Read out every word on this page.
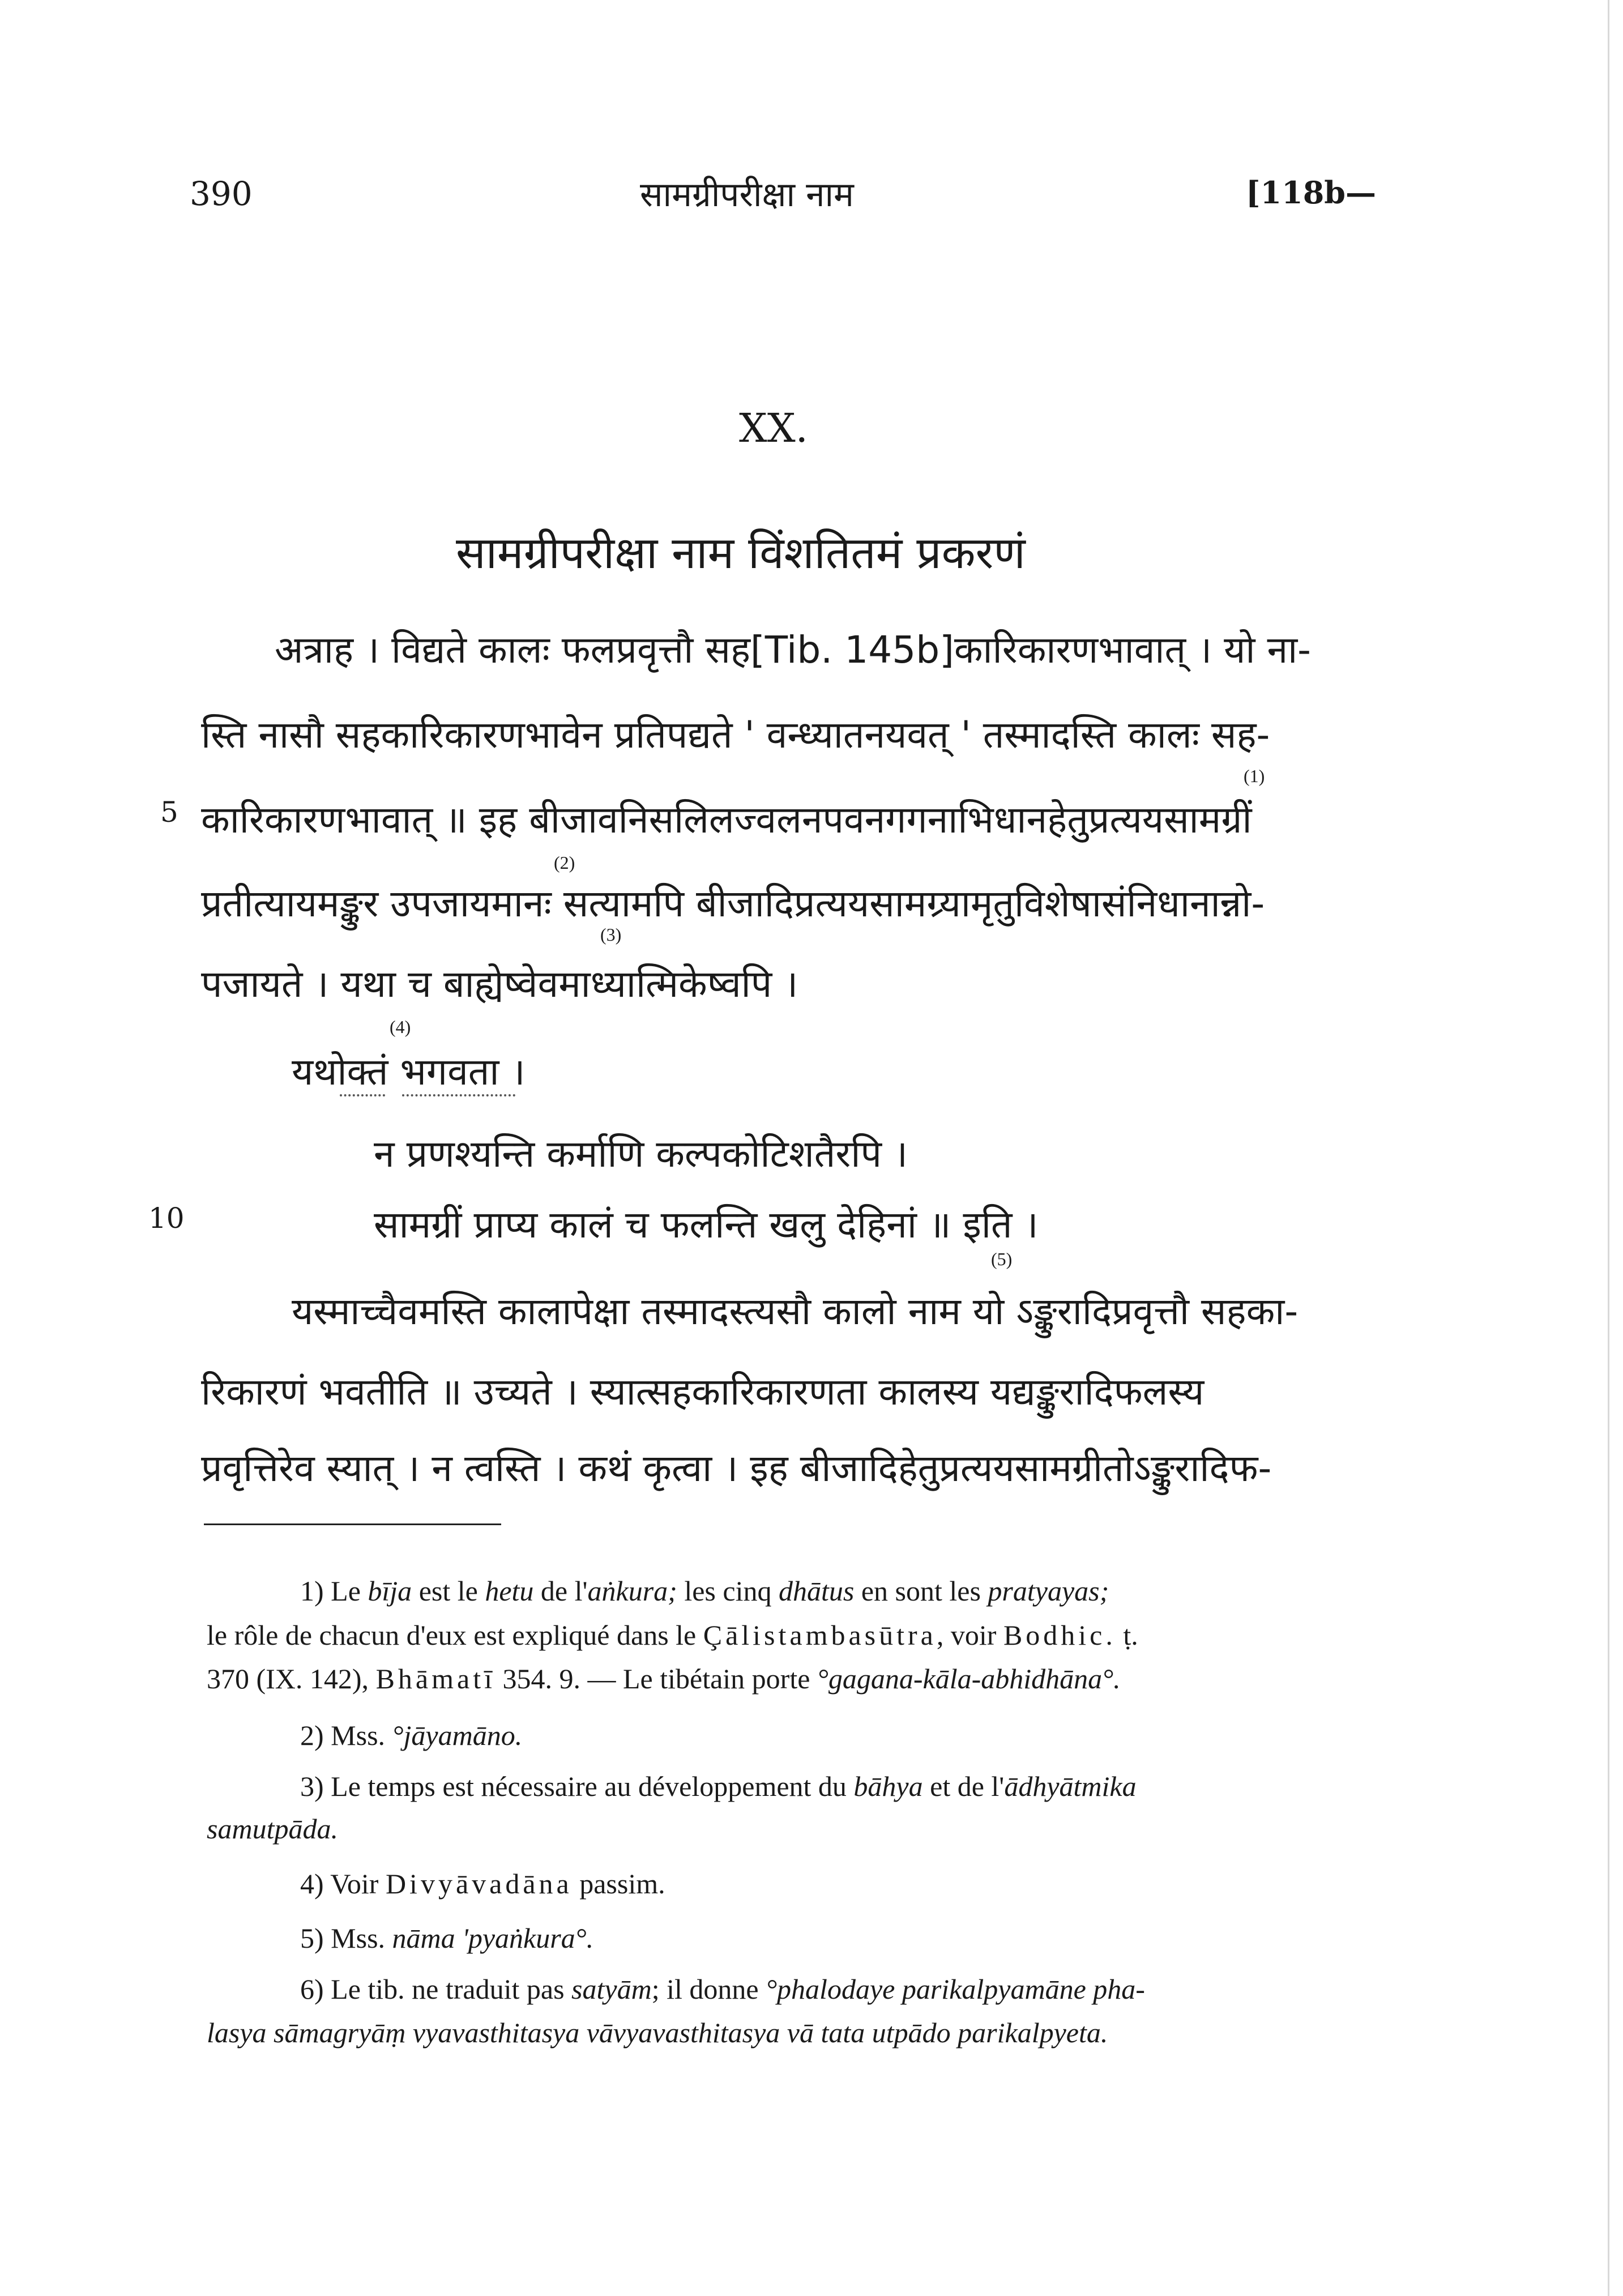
390	सामग्रीपरीक्षा नाम	[118b—
XX.
सामग्रीपरीक्षा नाम विंशतितमं प्रकरणं
अत्राह । विद्यते कालः फलप्रवृत्तौ सह[Tib. 145b]कारिकारणभावात् । यो ना-
स्ति नासौ सहकारिकारणभावेन प्रतिपद्यते ' वन्ध्यातनयवत् ' तस्मादस्ति कालः सह-
5 कारिकारणभावात् ॥ इह बीजावनिसलिलज्वलनपवनगगनाभिधानहेतुप्रत्ययसामग्रीं
(1)
प्रतीत्यायमङ्कुर उपजायमानः सत्यामपि बीजादिप्रत्ययसामग्र्यामृतुविशेषासंनिधानान्नो-
(2)
पजायते । यथा च बाह्येष्वेवमाध्यात्मिकेष्वपि ।
(3)
यथोक्तं भगवता ।
(4)
न प्रणश्यन्ति कर्माणि कल्पकोटिशतैरपि ।
10	सामग्रीं प्राप्य कालं च फलन्ति खलु देहिनां ॥ इति ।
यस्माच्चैवमस्ति कालापेक्षा तस्मादस्त्यसौ कालो नाम यो ऽङ्कुरादिप्रवृत्तौ सहका-
(5)
रिकारणं भवतीति ॥ उच्यते । स्यात्सहकारिकारणता कालस्य यद्यङ्कुरादिफलस्य
प्रवृत्तिरेव स्यात् । न त्वस्ति । कथं कृत्वा । इह बीजादिहेतुप्रत्ययसामग्रीतोऽङ्कुरादिफ-
1) Le bīja est le hetu de l'aṅkura; les cinq dhātus en sont les pratyayas;
le rôle de chacun d'eux est expliqué dans le Çālistambasūtra, voir Bodhic. ṭ.
370 (IX. 142), Bhāmatī 354. 9. — Le tibétain porte °gagana-kāla-abhidhāna°.
2) Mss. °jāyamāno.
3) Le temps est nécessaire au développement du bāhya et de l'ādhyātmika
samutpāda.
4) Voir Divyāvadāna passim.
5) Mss. nāma 'pyaṅkura°.
6) Le tib. ne traduit pas satyām; il donne °phalodaye parikalpyamāne pha-
lasya sāmagryāṃ vyavasthitasya vāvyavasthitasya vā tata utpādo parikalpyeta.
